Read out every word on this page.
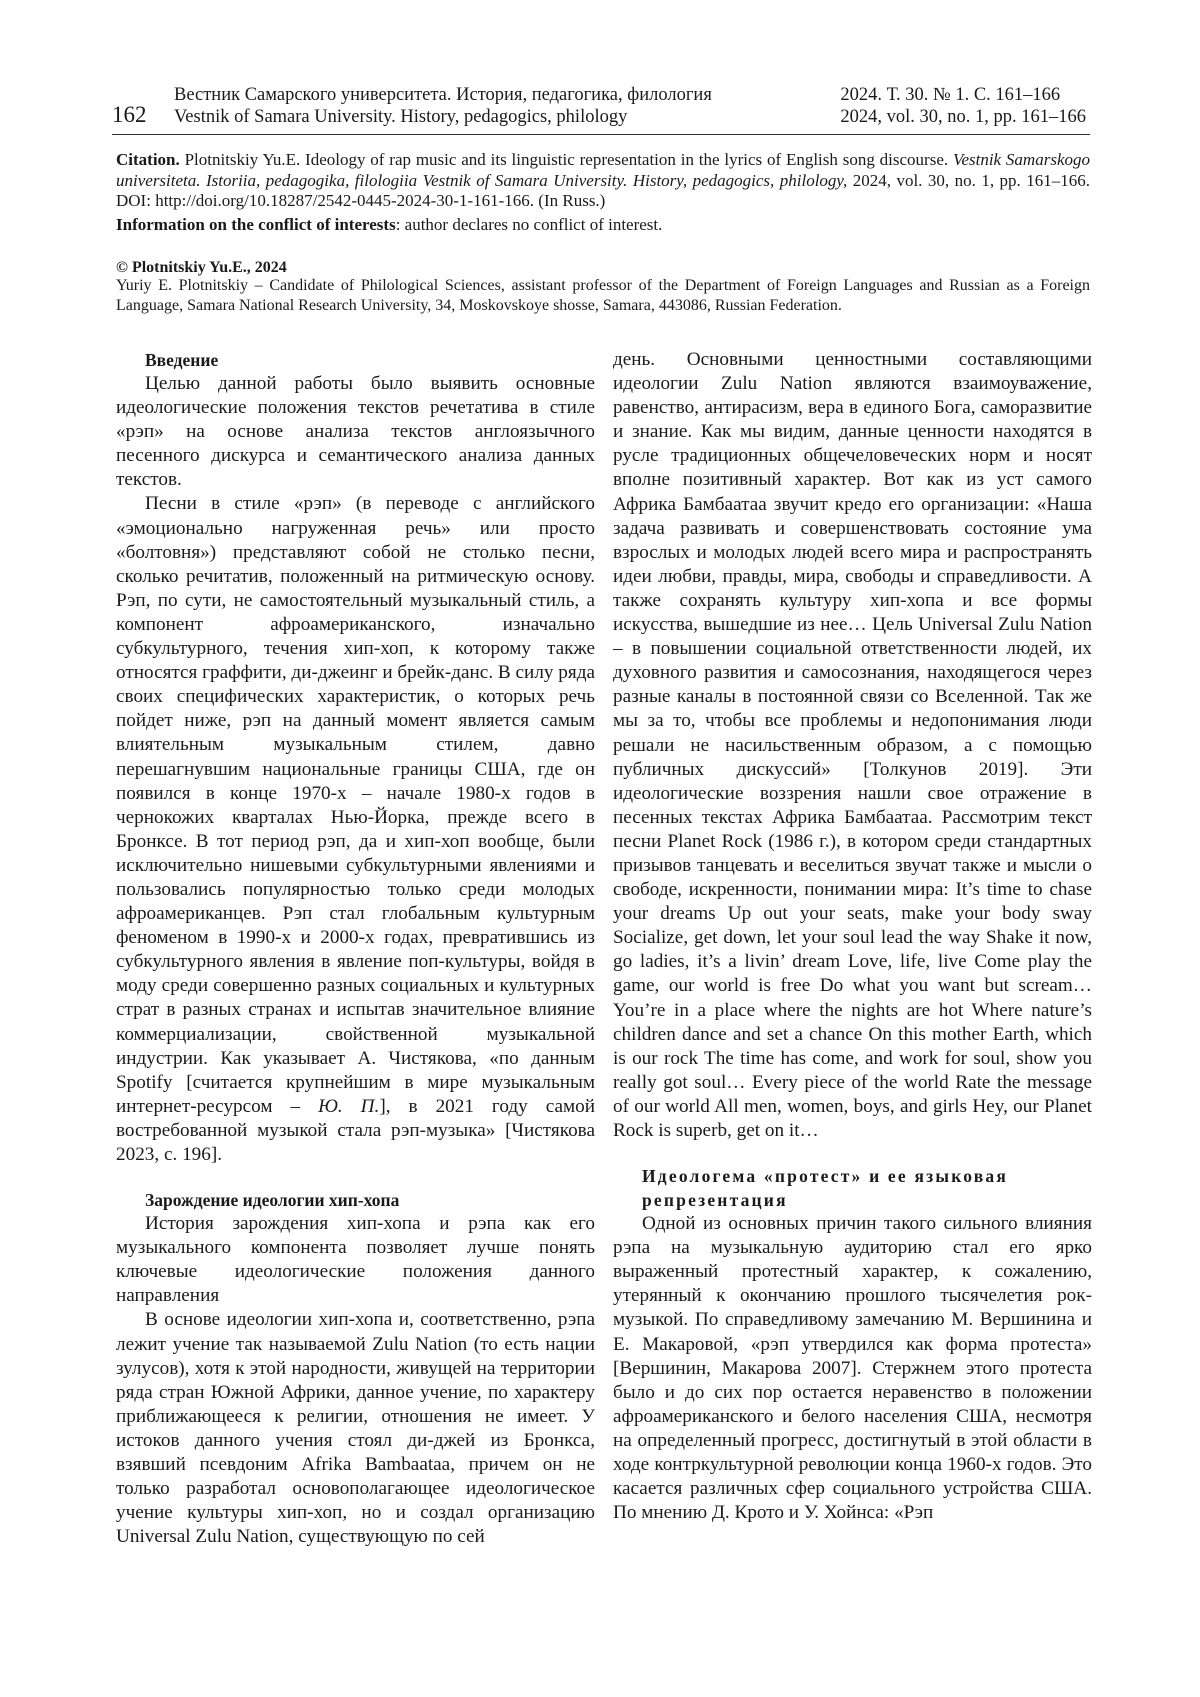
162
Вестник Самарского университета. История, педагогика, филология
Vestnik of Samara University. History, pedagogics, philology
2024. Т. 30. № 1. С. 161–166
2024, vol. 30, no. 1, pp. 161–166
Citation. Plotnitskiy Yu.E. Ideology of rap music and its linguistic representation in the lyrics of English song discourse. Vestnik Samarskogo universiteta. Istoriia, pedagogika, filologiia Vestnik of Samara University. History, pedagogics, philology, 2024, vol. 30, no. 1, pp. 161–166. DOI: http://doi.org/10.18287/2542-0445-2024-30-1-161-166. (In Russ.)
Information on the conflict of interests: author declares no conflict of interest.
© Plotnitskiy Yu.E., 2024
Yuriy E. Plotnitskiy – Candidate of Philological Sciences, assistant professor of the Department of Foreign Languages and Russian as a Foreign Language, Samara National Research University, 34, Moskovskoye shosse, Samara, 443086, Russian Federation.
Введение

Целью данной работы было выявить основные идеологические положения текстов речетатива в стиле «рэп» на основе анализа текстов англоязычного песенного дискурса и семантического анализа данных текстов.

Песни в стиле «рэп» (в переводе с английского «эмоционально нагруженная речь» или просто «болтовня») представляют собой не столько песни, сколько речитатив, положенный на ритмическую основу. Рэп, по сути, не самостоятельный музыкальный стиль, а компонент афроамериканского, изначально субкультурного, течения хип-хоп, к которому также относятся граффити, ди-джеинг и брейк-данс. В силу ряда своих специфических характеристик, о которых речь пойдет ниже, рэп на данный момент является самым влиятельным музыкальным стилем, давно перешагнувшим национальные границы США, где он появился в конце 1970-х – начале 1980-х годов в чернокожих кварталах Нью-Йорка, прежде всего в Бронксе. В тот период рэп, да и хип-хоп вообще, были исключительно нишевыми субкультурными явлениями и пользовались популярностью только среди молодых афроамериканцев. Рэп стал глобальным культурным феноменом в 1990-х и 2000-х годах, превратившись из субкультурного явления в явление поп-культуры, войдя в моду среди совершенно разных социальных и культурных страт в разных странах и испытав значительное влияние коммерциализации, свойственной музыкальной индустрии. Как указывает А. Чистякова, «по данным Spotify [считается крупнейшим в мире музыкальным интернет-ресурсом – Ю. П.], в 2021 году самой востребованной музыкой стала рэп-музыка» [Чистякова 2023, с. 196].

Зарождение идеологии хип-хопа

История зарождения хип-хопа и рэпа как его музыкального компонента позволяет лучше понять ключевые идеологические положения данного направления

В основе идеологии хип-хопа и, соответственно, рэпа лежит учение так называемой Zulu Nation (то есть нации зулусов), хотя к этой народности, живущей на территории ряда стран Южной Африки, данное учение, по характеру приближающееся к религии, отношения не имеет. У истоков данного учения стоял ди-джей из Бронкса, взявший псевдоним Afrika Bambaataa, причем он не только разработал основополагающее идеологическое учение культуры хип-хоп, но и создал организацию Universal Zulu Nation, существующую по сей

день. Основными ценностными составляющими идеологии Zulu Nation являются взаимоуважение, равенство, антирасизм, вера в единого Бога, саморазвитие и знание. Как мы видим, данные ценности находятся в русле традиционных общечеловеческих норм и носят вполне позитивный характер. Вот как из уст самого Африка Бамбаатаа звучит кредо его организации: «Наша задача развивать и совершенствовать состояние ума взрослых и молодых людей всего мира и распространять идеи любви, правды, мира, свободы и справедливости. А также сохранять культуру хип-хопа и все формы искусства, вышедшие из нее… Цель Universal Zulu Nation – в повышении социальной ответственности людей, их духовного развития и самосознания, находящегося через разные каналы в постоянной связи со Вселенной. Так же мы за то, чтобы все проблемы и недопонимания люди решали не насильственным образом, а с помощью публичных дискуссий» [Толкунов 2019]. Эти идеологические воззрения нашли свое отражение в песенных текстах Африка Бамбаатаа. Рассмотрим текст песни Planet Rock (1986 г.), в котором среди стандартных призывов танцевать и веселиться звучат также и мысли о свободе, искренности, понимании мира: It’s time to chase your dreams Up out your seats, make your body sway Socialize, get down, let your soul lead the way Shake it now, go ladies, it’s a livin’ dream Love, life, live Come play the game, our world is free Do what you want but scream… You’re in a place where the nights are hot Where nature’s children dance and set a chance On this mother Earth, which is our rock The time has come, and work for soul, show you really got soul… Every piece of the world Rate the message of our world All men, women, boys, and girls Hey, our Planet Rock is superb, get on it…

Идеологема «протест» и ее языковая репрезентация

Одной из основных причин такого сильного влияния рэпа на музыкальную аудиторию стал его ярко выраженный протестный характер, к сожалению, утерянный к окончанию прошлого тысячелетия рок-музыкой. По справедливому замечанию М. Вершинина и Е. Макаровой, «рэп утвердился как форма протеста» [Вершинин, Макарова 2007]. Стержнем этого протеста было и до сих пор остается неравенство в положении афроамериканского и белого населения США, несмотря на определенный прогресс, достигнутый в этой области в ходе контркультурной революции конца 1960-х годов. Это касается различных сфер социального устройства США. По мнению Д. Крото и У. Хойнса: «Рэп
